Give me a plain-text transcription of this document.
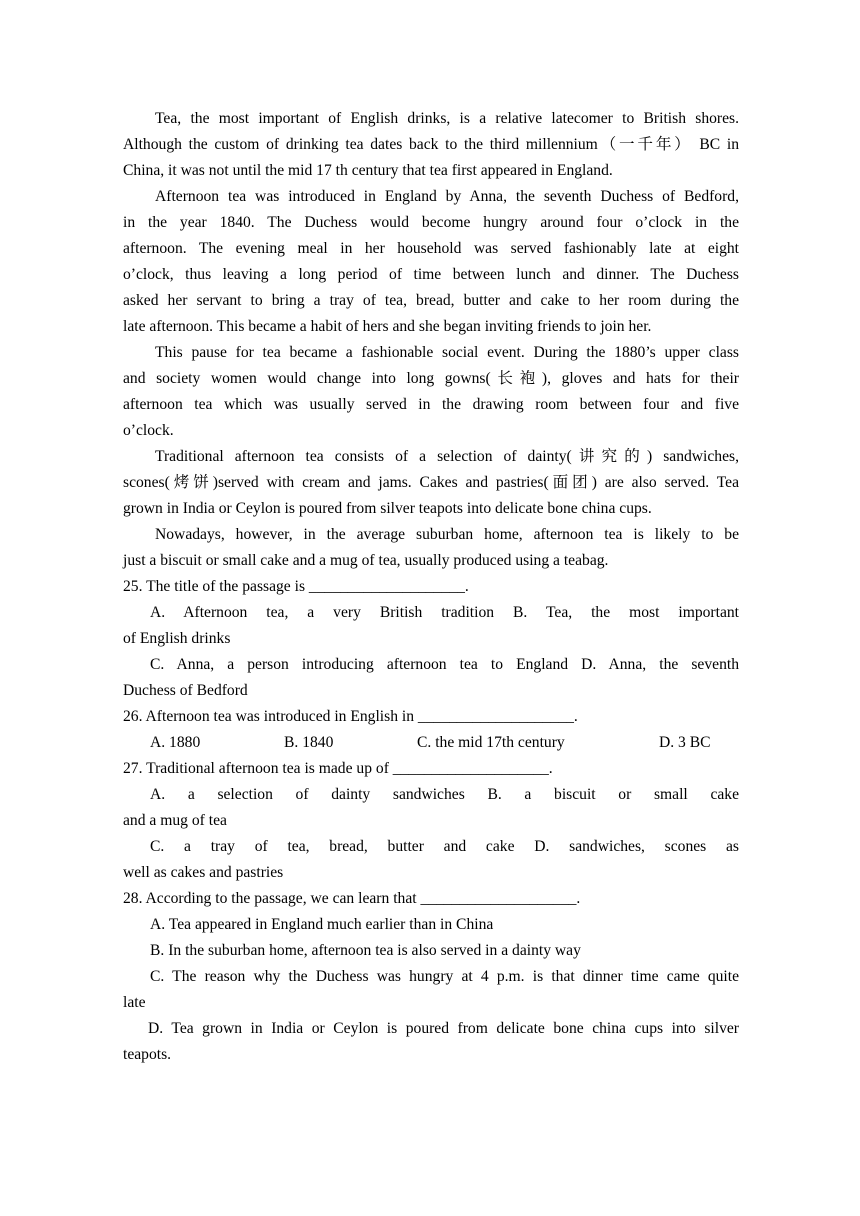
Tea, the most important of English drinks, is a relative latecomer to British shores.
Although the custom of drinking tea dates back to the third millennium（一千年） BC in
China, it was not until the mid 17 th century that tea first appeared in England.
Afternoon tea was introduced in England by Anna, the seventh Duchess of Bedford,
in the year 1840. The Duchess would become hungry around four o’clock in the
afternoon. The evening meal in her household was served fashionably late at eight
o’clock, thus leaving a long period of time between lunch and dinner. The Duchess
asked her servant to bring a tray of tea, bread, butter and cake to her room during the
late afternoon. This became a habit of hers and she began inviting friends to join her.
This pause for tea became a fashionable social event. During the 1880’s upper class
and society women would change into long gowns(长袍), gloves and hats for their
afternoon tea which was usually served in the drawing room between four and five
o’clock.
Traditional afternoon tea consists of a selection of dainty(讲究的) sandwiches,
scones(烤饼)served with cream and jams. Cakes and pastries(面团) are also served. Tea
grown in India or Ceylon is poured from silver teapots into delicate bone china cups.
Nowadays, however, in the average suburban home, afternoon tea is likely to be
just a biscuit or small cake and a mug of tea, usually produced using a teabag.
25. The title of the passage is ____________________.
A. Afternoon tea, a very British tradition B. Tea, the most important
of English drinks
C. Anna, a person introducing afternoon tea to England D. Anna, the seventh
Duchess of Bedford
26. Afternoon tea was introduced in English in ____________________.
A. 1880	B. 1840	C. the mid 17th century	D. 3 BC
27. Traditional afternoon tea is made up of ____________________.
A. a selection of dainty sandwiches B. a biscuit or small cake
and a mug of tea
C. a tray of tea, bread, butter and cake D. sandwiches, scones as
well as cakes and pastries
28. According to the passage, we can learn that ____________________.
A. Tea appeared in England much earlier than in China
B. In the suburban home, afternoon tea is also served in a dainty way
C. The reason why the Duchess was hungry at 4 p.m. is that dinner time came quite
late
D. Tea grown in India or Ceylon is poured from delicate bone china cups into silver
teapots.
